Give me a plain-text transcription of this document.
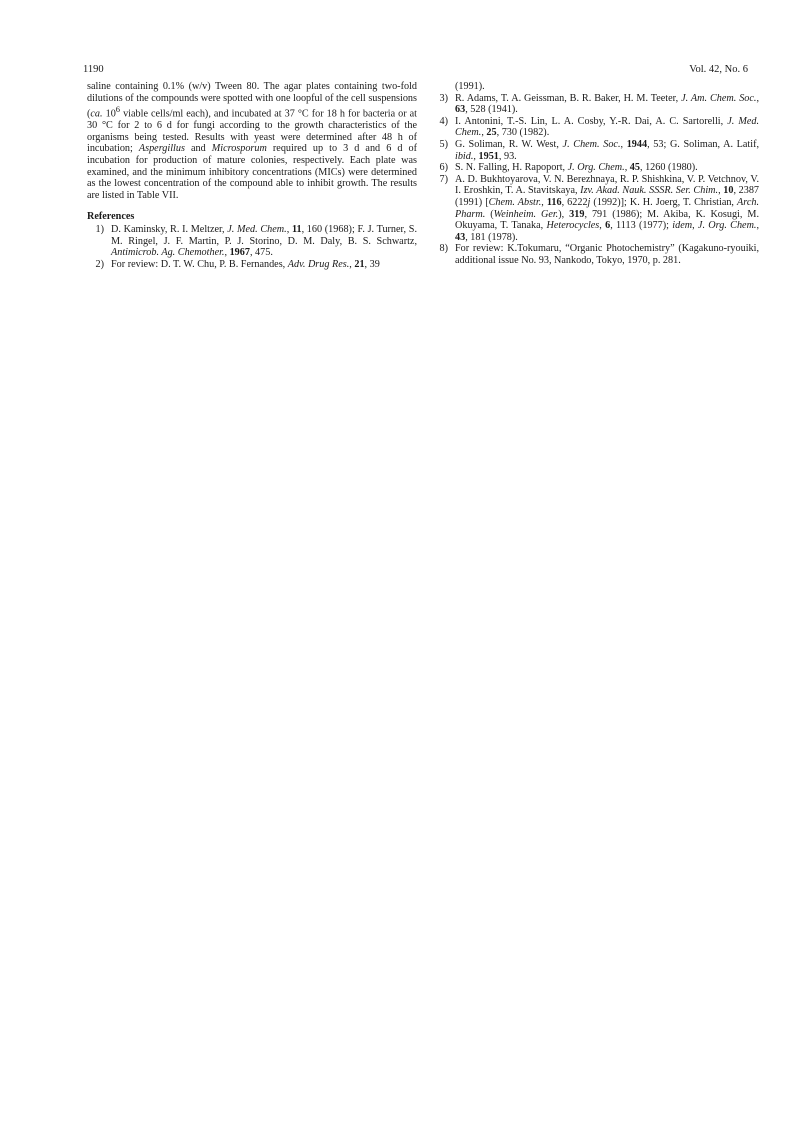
1190	Vol. 42, No. 6

saline containing 0.1% (w/v) Tween 80. The agar plates containing two-fold dilutions of the compounds were spotted with one loopful of the cell suspensions (ca. $10^6$ viable cells/ml each), and incubated at 37 °C for 18 h for bacteria or at 30 °C for 2 to 6 d for fungi according to the growth characteristics of the organisms being tested. Results with yeast were determined after 48 h of incubation; Aspergillus and Microsporum required up to 3 d and 6 d of incubation for production of mature colonies, respectively. Each plate was examined, and the minimum inhibitory concentrations (MICs) were determined as the lowest concentration of the compound able to inhibit growth. The results are listed in Table VII.

References
1) D. Kaminsky, R. I. Meltzer, J. Med. Chem., 11, 160 (1968); F. J. Turner, S. M. Ringel, J. F. Martin, P. J. Storino, D. M. Daly, B. S. Schwartz, Antimicrob. Ag. Chemother., 1967, 475.
2) For review: D. T. W. Chu, P. B. Fernandes, Adv. Drug Res., 21, 39
(1991).
3) R. Adams, T. A. Geissman, B. R. Baker, H. M. Teeter, J. Am. Chem. Soc., 63, 528 (1941).
4) I. Antonini, T.-S. Lin, L. A. Cosby, Y.-R. Dai, A. C. Sartorelli, J. Med. Chem., 25, 730 (1982).
5) G. Soliman, R. W. West, J. Chem. Soc., 1944, 53; G. Soliman, A. Latif, ibid., 1951, 93.
6) S. N. Falling, H. Rapoport, J. Org. Chem., 45, 1260 (1980).
7) A. D. Bukhtoyarova, V. N. Berezhnaya, R. P. Shishkina, V. P. Vetchnov, V. I. Eroshkin, T. A. Stavitskaya, Izv. Akad. Nauk. SSSR. Ser. Chim., 10, 2387 (1991) [Chem. Abstr., 116, 6222j (1992)]; K. H. Joerg, T. Christian, Arch. Pharm. (Weinheim. Ger.), 319, 791 (1986); M. Akiba, K. Kosugi, M. Okuyama, T. Tanaka, Heterocycles, 6, 1113 (1977); idem, J. Org. Chem., 43, 181 (1978).
8) For review: K.Tokumaru, “Organic Photochemistry” (Kagakuno-ryouiki, additional issue No. 93, Nankodo, Tokyo, 1970, p. 281.
